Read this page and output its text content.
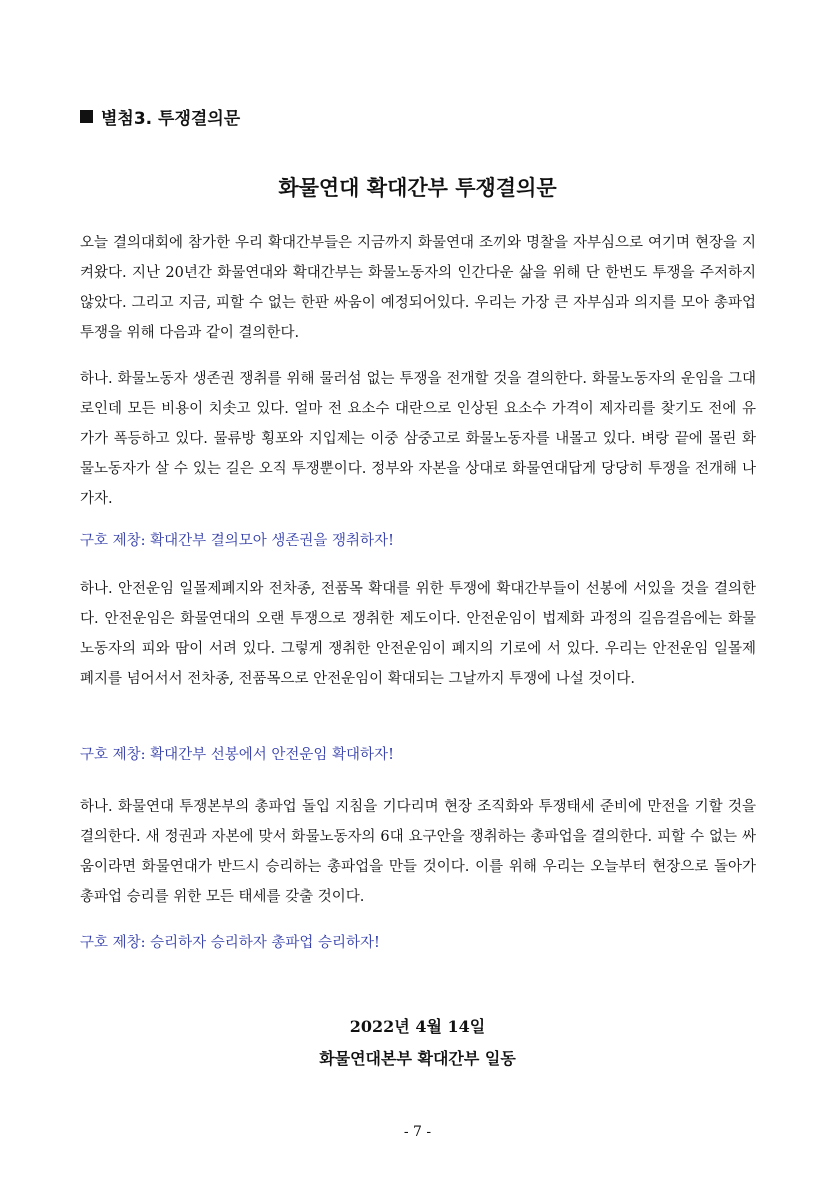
별첨3. 투쟁결의문
화물연대 확대간부 투쟁결의문
오늘 결의대회에 참가한 우리 확대간부들은 지금까지 화물연대 조끼와 명찰을 자부심으로 여기며 현장을 지켜왔다. 지난 20년간 화물연대와 확대간부는 화물노동자의 인간다운 삶을 위해 단 한번도 투쟁을 주저하지 않았다. 그리고 지금, 피할 수 없는 한판 싸움이 예정되어있다. 우리는 가장 큰 자부심과 의지를 모아 총파업 투쟁을 위해 다음과 같이 결의한다.
하나. 화물노동자 생존권 쟁취를 위해 물러섬 없는 투쟁을 전개할 것을 결의한다. 화물노동자의 운임을 그대로인데 모든 비용이 치솟고 있다. 얼마 전 요소수 대란으로 인상된 요소수 가격이 제자리를 찾기도 전에 유가가 폭등하고 있다. 물류방 횡포와 지입제는 이중 삼중고로 화물노동자를 내몰고 있다. 벼랑 끝에 몰린 화물노동자가 살 수 있는 길은 오직 투쟁뿐이다. 정부와 자본을 상대로 화물연대답게 당당히 투쟁을 전개해 나가자.
구호 제창: 확대간부 결의모아 생존권을 쟁취하자!
하나. 안전운임 일몰제폐지와 전차종, 전품목 확대를 위한 투쟁에 확대간부들이 선봉에 서있을 것을 결의한다. 안전운임은 화물연대의 오랜 투쟁으로 쟁취한 제도이다. 안전운임이 법제화 과정의 길음걸음에는 화물노동자의 피와 땀이 서려 있다. 그렇게 쟁취한 안전운임이 폐지의 기로에 서 있다. 우리는 안전운임 일몰제 폐지를 넘어서서 전차종, 전품목으로 안전운임이 확대되는 그날까지 투쟁에 나설 것이다.
구호 제창: 확대간부 선봉에서 안전운임 확대하자!
하나. 화물연대 투쟁본부의 총파업 돌입 지침을 기다리며 현장 조직화와 투쟁태세 준비에 만전을 기할 것을 결의한다. 새 정권과 자본에 맞서 화물노동자의 6대 요구안을 쟁취하는 총파업을 결의한다. 피할 수 없는 싸움이라면 화물연대가 반드시 승리하는 총파업을 만들 것이다. 이를 위해 우리는 오늘부터 현장으로 돌아가 총파업 승리를 위한 모든 태세를 갖출 것이다.
구호 제창: 승리하자 승리하자 총파업 승리하자!
2022년 4월 14일
화물연대본부 확대간부 일동
- 7 -
